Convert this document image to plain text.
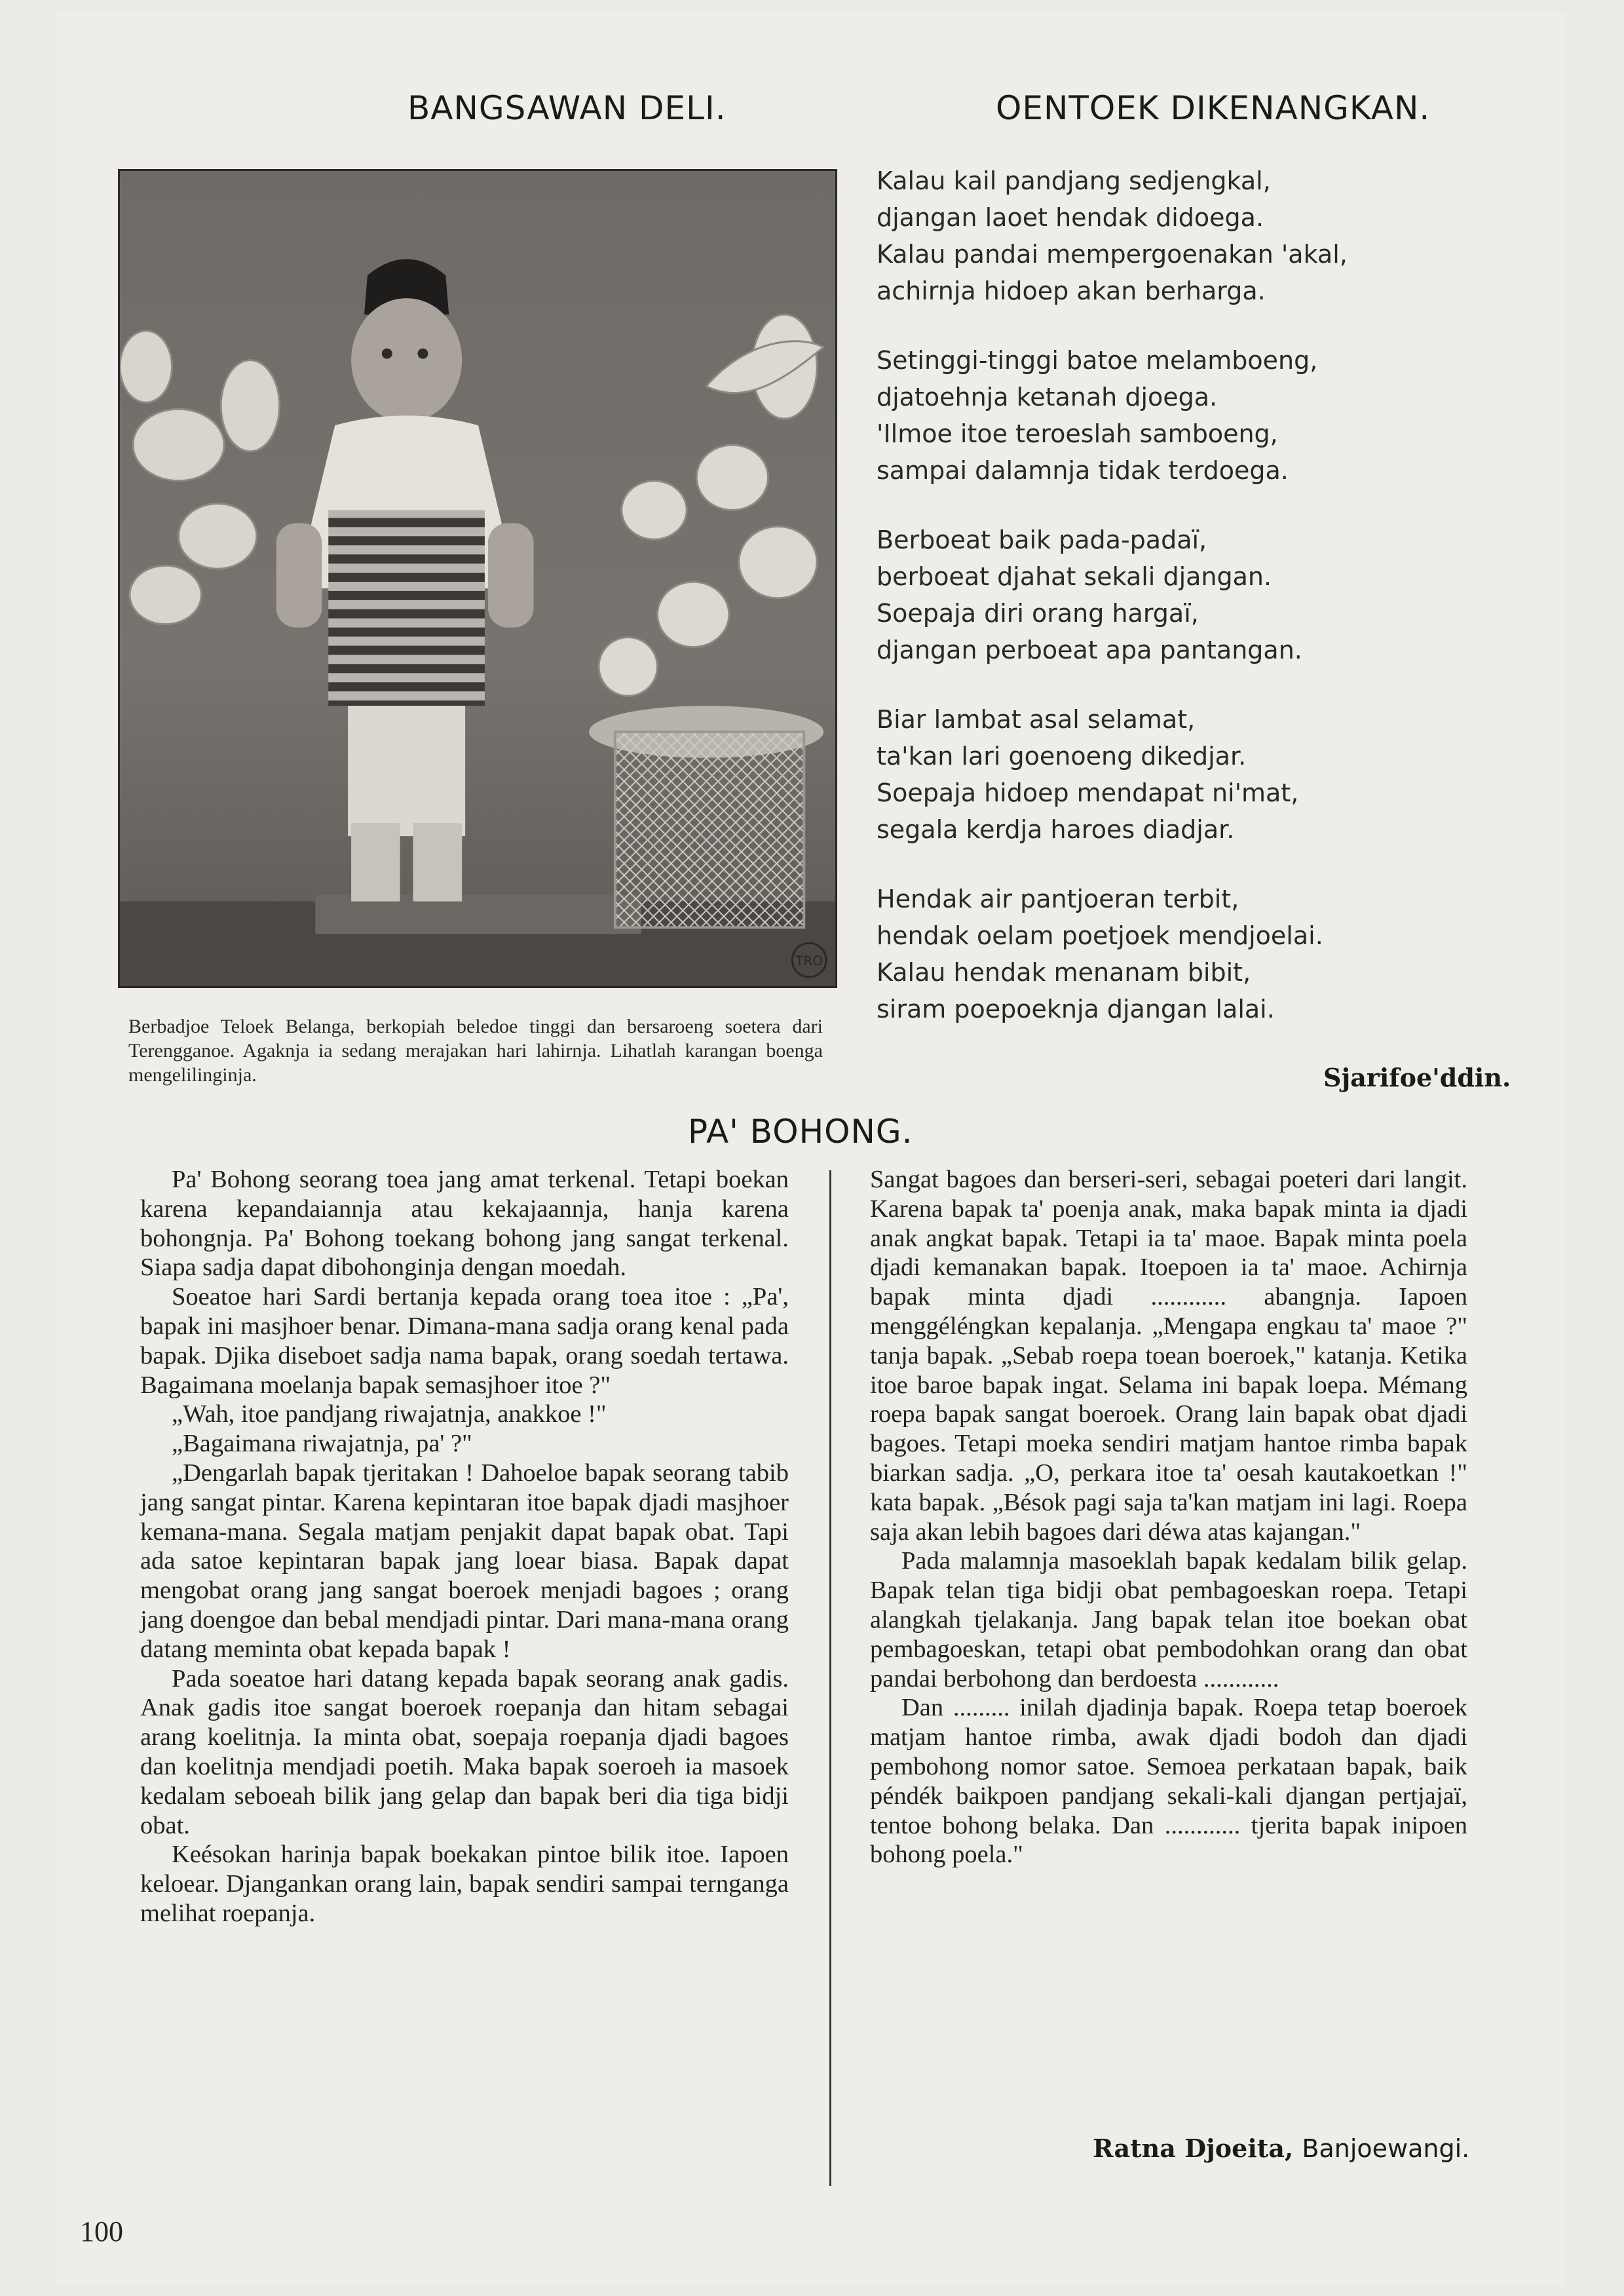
BANGSAWAN DELI.	OENTOEK DIKENANGKAN.
TRO
Berbadjoe Teloek Belanga, berkopiah beledoe tinggi dan bersaroeng soetera dari Terengganoe. Agaknja ia sedang merajakan hari lahirnja. Lihatlah karangan boenga mengelilinginja.
Kalau kail pandjang sedjengkal,
djangan laoet hendak didoega.
Kalau pandai mempergoenakan 'akal,
achirnja hidoep akan berharga.
Setinggi-tinggi batoe melamboeng,
djatoehnja ketanah djoega.
'Ilmoe itoe teroeslah samboeng,
sampai dalamnja tidak terdoega.
Berboeat baik pada-padaï,
berboeat djahat sekali djangan.
Soepaja diri orang hargaï,
djangan perboeat apa pantangan.
Biar lambat asal selamat,
ta'kan lari goenoeng dikedjar.
Soepaja hidoep mendapat ni'mat,
segala kerdja haroes diadjar.
Hendak air pantjoeran terbit,
hendak oelam poetjoek mendjoelai.
Kalau hendak menanam bibit,
siram poepoeknja djangan lalai.
Sjarifoe'ddin.
PA' BOHONG.

Pa' Bohong seorang toea jang amat terkenal. Tetapi boekan karena kepandaiannja atau kekajaannja, hanja karena bohongnja. Pa' Bohong toekang bohong jang sangat terkenal. Siapa sadja dapat dibohonginja dengan moedah.

Soeatoe hari Sardi bertanja kepada orang toea itoe : „Pa', bapak ini masjhoer benar. Dimana-mana sadja orang kenal pada bapak. Djika diseboet sadja nama bapak, orang soedah tertawa. Bagaimana moelanja bapak semasjhoer itoe ?"

„Wah, itoe pandjang riwajatnja, anakkoe !"

„Bagaimana riwajatnja, pa' ?"

„Dengarlah bapak tjeritakan ! Dahoeloe bapak seorang tabib jang sangat pintar. Karena kepintaran itoe bapak djadi masjhoer kemana-mana. Segala matjam penjakit dapat bapak obat. Tapi ada satoe kepintaran bapak jang loear biasa. Bapak dapat mengobat orang jang sangat boeroek menjadi bagoes ; orang jang doengoe dan bebal mendjadi pintar. Dari mana-mana orang datang meminta obat kepada bapak !

Pada soeatoe hari datang kepada bapak seorang anak gadis. Anak gadis itoe sangat boeroek roepanja dan hitam sebagai arang koelitnja. Ia minta obat, soepaja roepanja djadi bagoes dan koelitnja mendjadi poetih. Maka bapak soeroeh ia masoek kedalam seboeah bilik jang gelap dan bapak beri dia tiga bidji obat.

Keésokan harinja bapak boekakan pintoe bilik itoe. Iapoen keloear. Djangankan orang lain, bapak sendiri sampai ternganga melihat roepanja.

Sangat bagoes dan berseri-seri, sebagai poeteri dari langit. Karena bapak ta' poenja anak, maka bapak minta ia djadi anak angkat bapak. Tetapi ia ta' maoe. Bapak minta poela djadi kemanakan bapak. Itoepoen ia ta' maoe. Achirnja bapak minta djadi ............ abangnja. Iapoen menggéléngkan kepalanja. „Mengapa engkau ta' maoe ?" tanja bapak. „Sebab roepa toean boeroek," katanja. Ketika itoe baroe bapak ingat. Selama ini bapak loepa. Mémang roepa bapak sangat boeroek. Orang lain bapak obat djadi bagoes. Tetapi moeka sendiri matjam hantoe rimba bapak biarkan sadja. „O, perkara itoe ta' oesah kautakoetkan !" kata bapak. „Bésok pagi saja ta'kan matjam ini lagi. Roepa saja akan lebih bagoes dari déwa atas kajangan."

Pada malamnja masoeklah bapak kedalam bilik gelap. Bapak telan tiga bidji obat pembagoeskan roepa. Tetapi alangkah tjelakanja. Jang bapak telan itoe boekan obat pembagoeskan, tetapi obat pembodohkan orang dan obat pandai berbohong dan berdoesta ............

Dan ......... inilah djadinja bapak. Roepa tetap boeroek matjam hantoe rimba, awak djadi bodoh dan djadi pembohong nomor satoe. Semoea perkataan bapak, baik péndék baikpoen pandjang sekali-kali djangan pertjajaï, tentoe bohong belaka. Dan ............ tjerita bapak inipoen bohong poela."

Ratna Djoeita, Banjoewangi.
100
